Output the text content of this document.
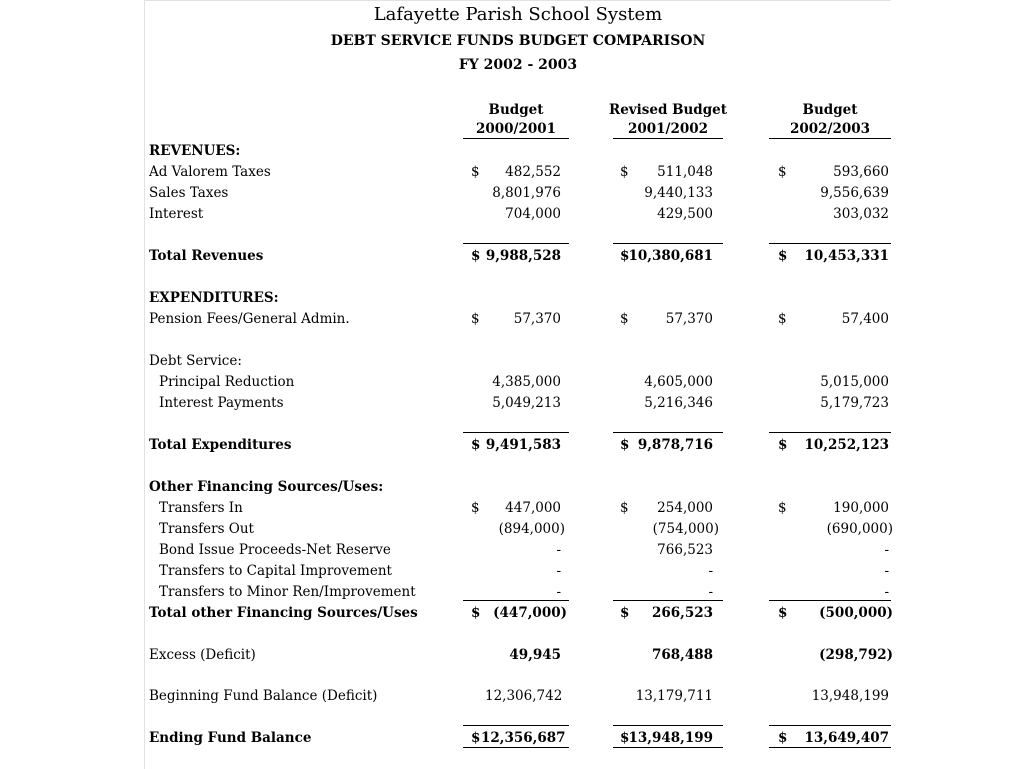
Lafayette Parish School System
DEBT SERVICE FUNDS BUDGET COMPARISON
FY 2002 - 2003
Budget
2000/2001
Revised Budget
2001/2002
Budget
2002/2003
REVENUES:
Ad Valorem Taxes	$	482,552	$	511,048	$	593,660
Sales Taxes	8,801,976	9,440,133	9,556,639
Interest	704,000	429,500	303,032
Total Revenues	$ 9,988,528	$ 10,380,681	$	10,453,331
EXPENDITURES:
Pension Fees/General Admin.	$	57,370	$	57,370	$	57,400
Debt Service:
Principal Reduction	4,385,000	4,605,000	5,015,000
Interest Payments	5,049,213	5,216,346	5,179,723
Total Expenditures	$ 9,491,583	$ 9,878,716	$	10,252,123
Other Financing Sources/Uses:
Transfers In	$	447,000	$	254,000	$	190,000
Transfers Out	(894,000)	(754,000)	(690,000)
Bond Issue Proceeds-Net Reserve	-	766,523	-
Transfers to Capital Improvement	-	-	-
Transfers to Minor Ren/Improvement	-	-	-
Total other Financing Sources/Uses	$ (447,000)	$	266,523	$	(500,000)
Excess (Deficit)	49,945	768,488	(298,792)
Beginning Fund Balance (Deficit)	12,306,742	13,179,711	13,948,199
Ending Fund Balance	$ 12,356,687	$ 13,948,199	$	13,649,407
